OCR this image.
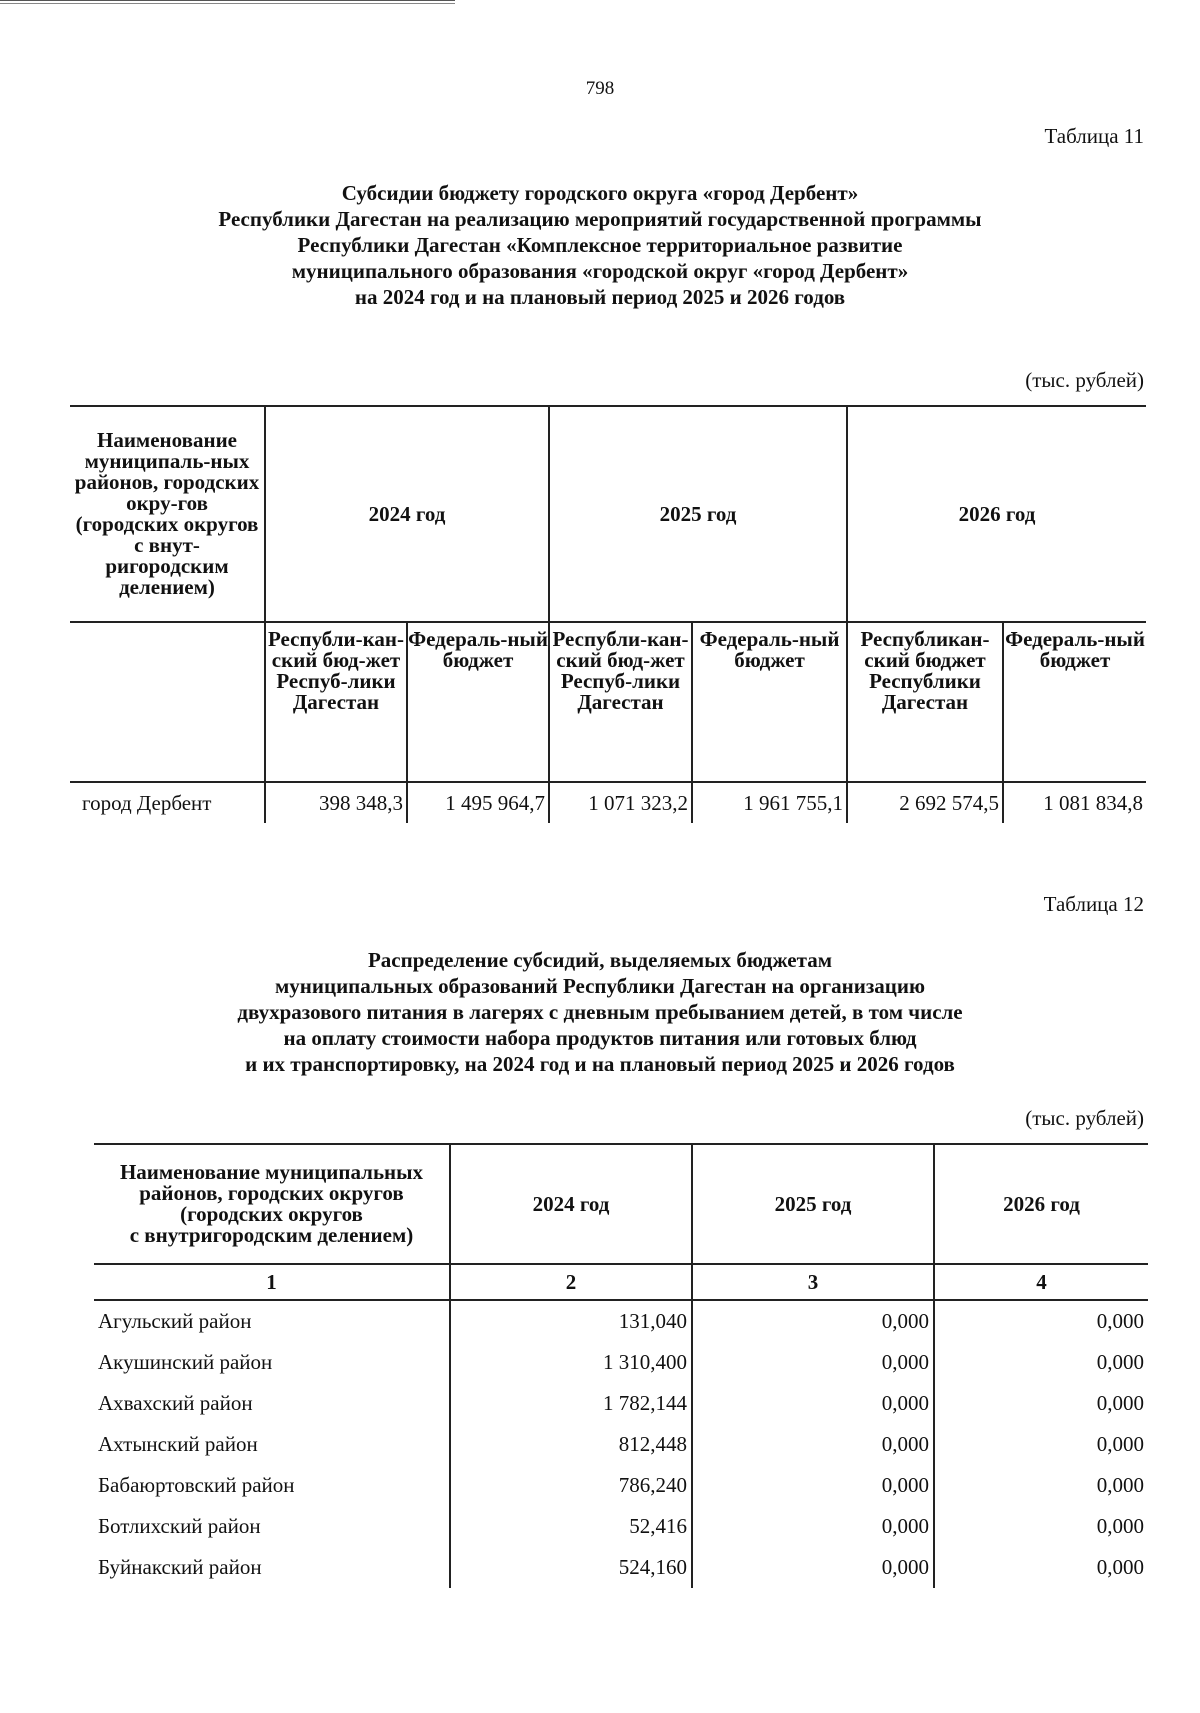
798
Таблица 11
Субсидии бюджету городского округа «город Дербент»
Республики Дагестан на реализацию мероприятий государственной программы
Республики Дагестан «Комплексное территориальное развитие
муниципального образования «городской округ «город Дербент»
на 2024 год и на плановый период 2025 и 2026 годов
(тыс. рублей)
Наименование муниципаль-ных районов, городских окру-гов (городских округов с внут-ригородским делением)	2024 год		2025 год		2026 год	
	Республи-кан-ский бюд-жет Респуб-лики Дагестан	Федераль-ный бюджет	Республи-кан-ский бюд-жет Респуб-лики Дагестан	Федераль-ный бюджет	Республикан-ский бюджет Республики Дагестан	Федераль-ный бюджет
город Дербент	398 348,3	1 495 964,7	1 071 323,2	1 961 755,1	2 692 574,5	1 081 834,8
Таблица 12
Распределение субсидий, выделяемых бюджетам
муниципальных образований Республики Дагестан на организацию
двухразового питания в лагерях с дневным пребыванием детей, в том числе
на оплату стоимости набора продуктов питания или готовых блюд
и их транспортировку, на 2024 год и на плановый период 2025 и 2026 годов
(тыс. рублей)
Наименование муниципальных
районов, городских округов
(городских округов
с внутригородским делением)	2024 год	2025 год	2026 год
1	2	3	4
Агульский район	131,040	0,000	0,000
Акушинский район	1 310,400	0,000	0,000
Ахвахский район	1 782,144	0,000	0,000
Ахтынский район	812,448	0,000	0,000
Бабаюртовский район	786,240	0,000	0,000
Ботлихский район	52,416	0,000	0,000
Буйнакский район	524,160	0,000	0,000
